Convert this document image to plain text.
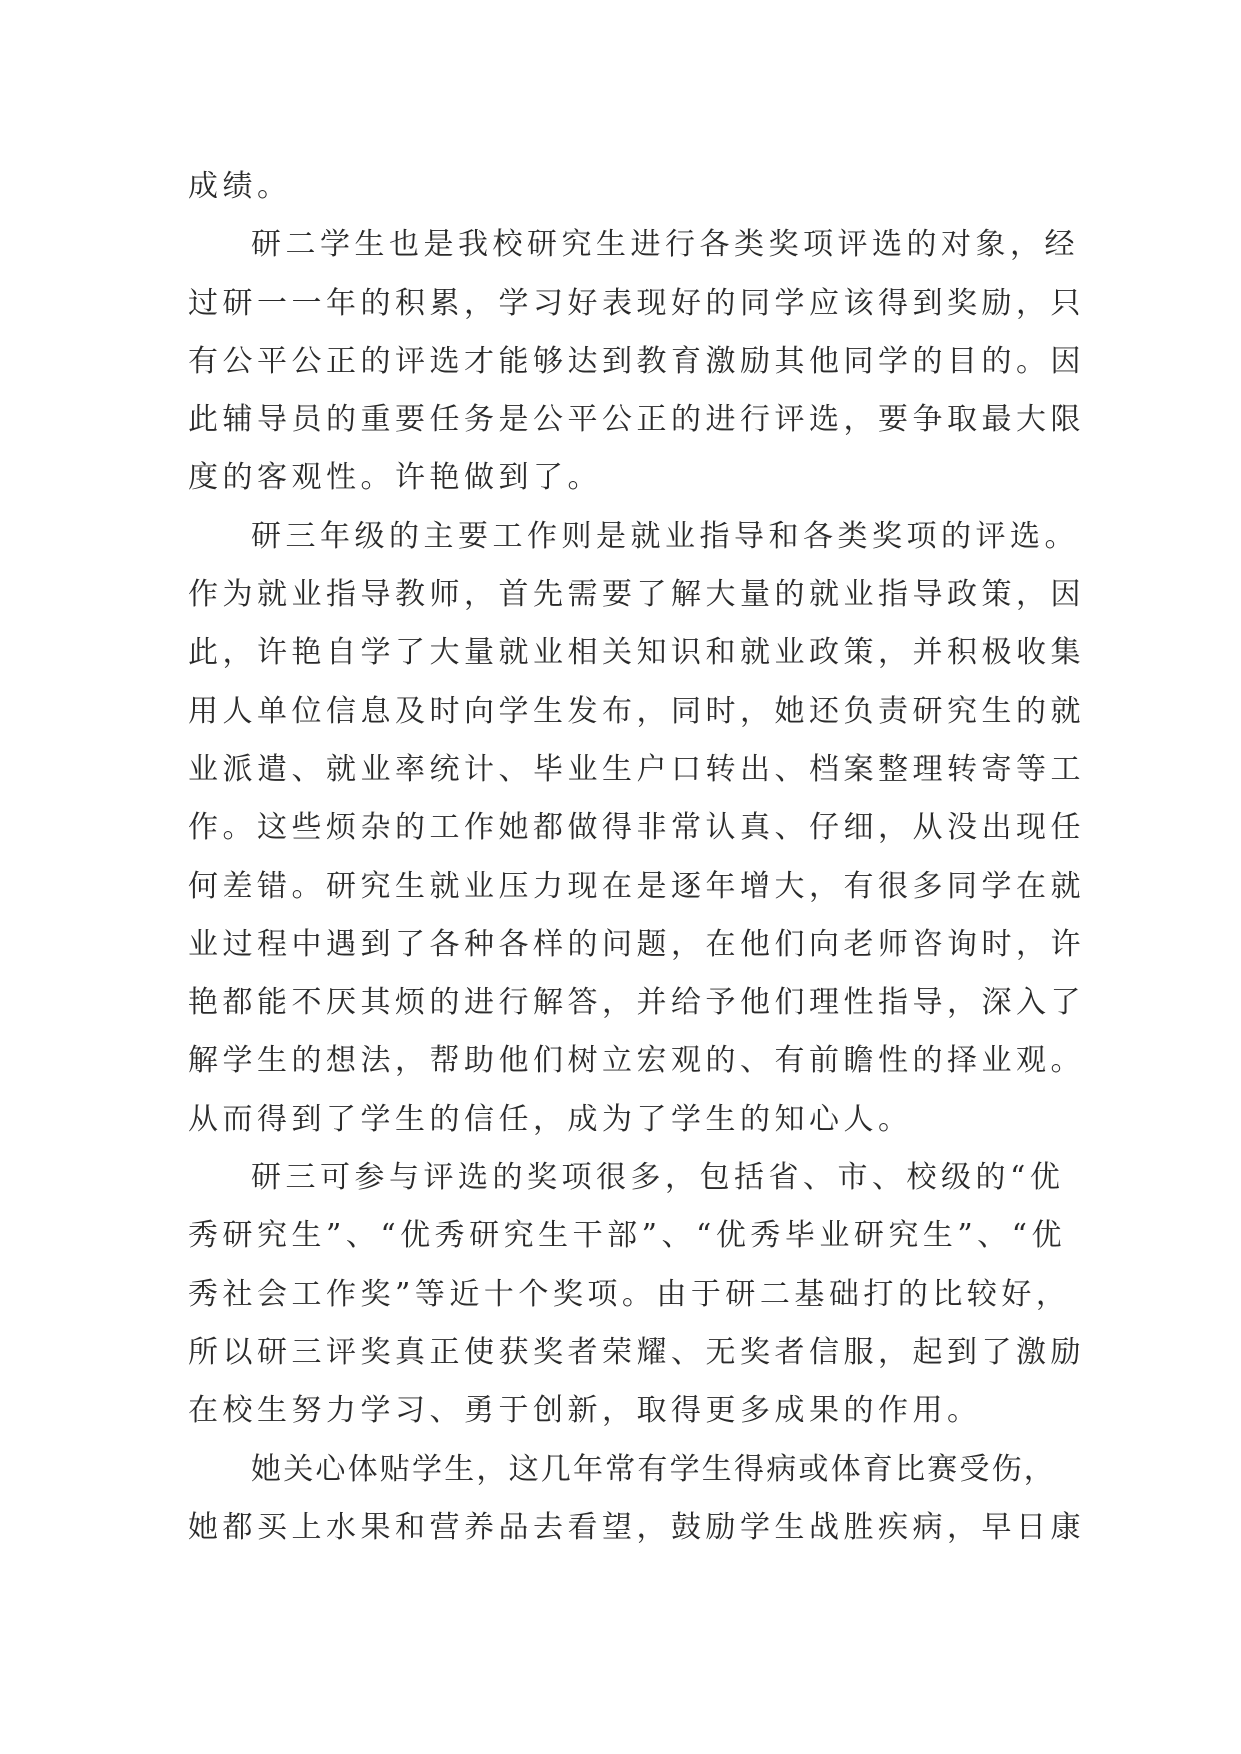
成绩。
研二学生也是我校研究生进行各类奖项评选的对象，经
过研一一年的积累，学习好表现好的同学应该得到奖励，只
有公平公正的评选才能够达到教育激励其他同学的目的。因
此辅导员的重要任务是公平公正的进行评选，要争取最大限
度的客观性。许艳做到了。
研三年级的主要工作则是就业指导和各类奖项的评选。
作为就业指导教师，首先需要了解大量的就业指导政策，因
此，许艳自学了大量就业相关知识和就业政策，并积极收集
用人单位信息及时向学生发布，同时，她还负责研究生的就
业派遣、就业率统计、毕业生户口转出、档案整理转寄等工
作。这些烦杂的工作她都做得非常认真、仔细，从没出现任
何差错。研究生就业压力现在是逐年增大，有很多同学在就
业过程中遇到了各种各样的问题，在他们向老师咨询时，许
艳都能不厌其烦的进行解答，并给予他们理性指导，深入了
解学生的想法，帮助他们树立宏观的、有前瞻性的择业观。
从而得到了学生的信任，成为了学生的知心人。
研三可参与评选的奖项很多，包括省、市、校级的“优
秀研究生”、“优秀研究生干部”、“优秀毕业研究生”、“优
秀社会工作奖”等近十个奖项。由于研二基础打的比较好，
所以研三评奖真正使获奖者荣耀、无奖者信服，起到了激励
在校生努力学习、勇于创新，取得更多成果的作用。
她关心体贴学生，这几年常有学生得病或体育比赛受伤，
她都买上水果和营养品去看望，鼓励学生战胜疾病，早日康
